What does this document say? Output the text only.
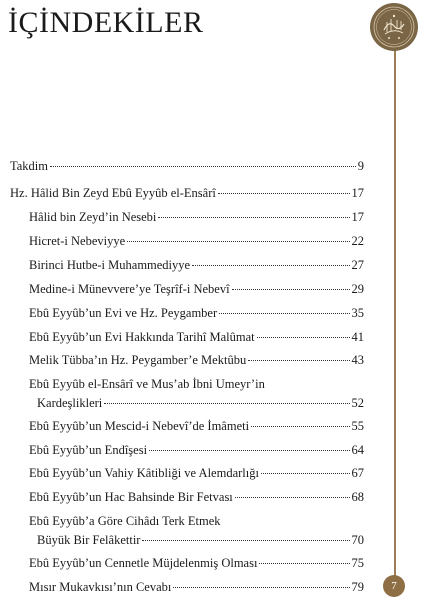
İÇİNDEKİLER
7
Takdim	9
Hz. Hâlid Bin Zeyd Ebû Eyyûb el-Ensârî	17
Hâlid bin Zeyd’in Nesebi	17
Hicret-i Nebeviyye	22
Birinci Hutbe-i Muhammediyye	27
Medine-i Münevvere’ye Teşrîf-i Nebevî	29
Ebû Eyyûb’un Evi ve Hz. Peygamber	35
Ebû Eyyûb’un Evi Hakkında Tarihî Malûmat	41
Melik Tübba’ın Hz. Peygamber’e Mektûbu	43
Ebû Eyyûb el-Ensârî ve Mus’ab İbni Umeyr’in
Kardeşlikleri	52
Ebû Eyyûb’un Mescid-i Nebevî’de İmâmeti	55
Ebû Eyyûb’un Endîşesi	64
Ebû Eyyûb’un Vahiy Kâtibliği ve Alemdarlığı	67
Ebû Eyyûb’un Hac Bahsinde Bir Fetvası	68
Ebû Eyyûb’a Göre Cihâdı Terk Etmek
Büyük Bir Felâkettir	70
Ebû Eyyûb’un Cennetle Müjdelenmiş Olması	75
Mısır Mukavkısı’nın Cevabı	79
